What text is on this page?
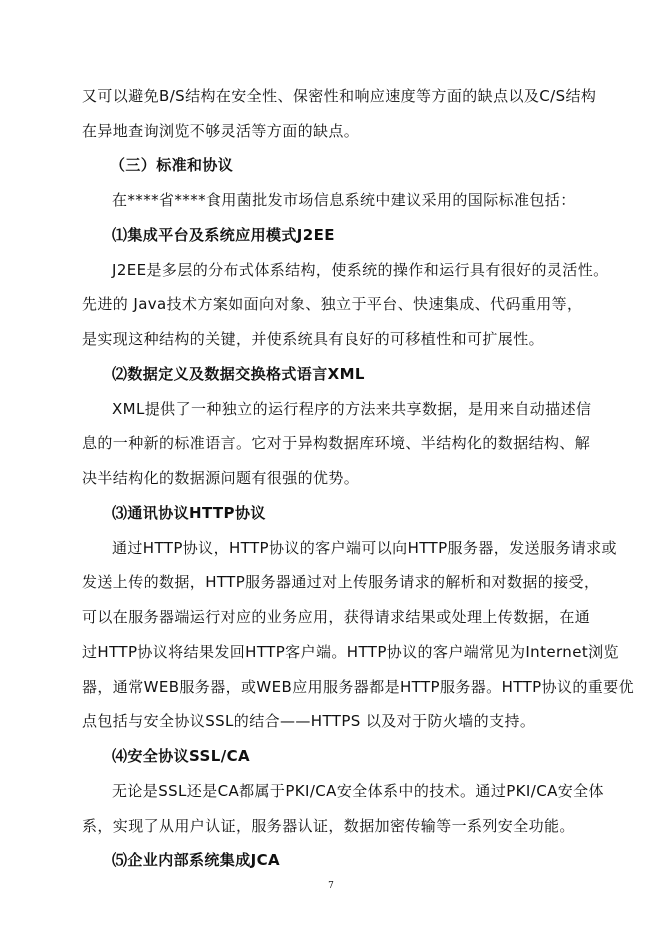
又可以避免B/S结构在安全性、保密性和响应速度等方面的缺点以及C/S结构
在异地查询浏览不够灵活等方面的缺点。
（三）标准和协议
在****省****食用菌批发市场信息系统中建议采用的国际标准包括：
⑴集成平台及系统应用模式J2EE
J2EE是多层的分布式体系结构，使系统的操作和运行具有很好的灵活性。
先进的 Java技术方案如面向对象、独立于平台、快速集成、代码重用等，
是实现这种结构的关键，并使系统具有良好的可移植性和可扩展性。
⑵数据定义及数据交换格式语言XML
XML提供了一种独立的运行程序的方法来共享数据，是用来自动描述信
息的一种新的标准语言。它对于异构数据库环境、半结构化的数据结构、解
决半结构化的数据源问题有很强的优势。
⑶通讯协议HTTP协议
通过HTTP协议，HTTP协议的客户端可以向HTTP服务器，发送服务请求或
发送上传的数据，HTTP服务器通过对上传服务请求的解析和对数据的接受，
可以在服务器端运行对应的业务应用，获得请求结果或处理上传数据，在通
过HTTP协议将结果发回HTTP客户端。HTTP协议的客户端常见为Internet浏览
器，通常WEB服务器，或WEB应用服务器都是HTTP服务器。HTTP协议的重要优
点包括与安全协议SSL的结合——HTTPS 以及对于防火墙的支持。
⑷安全协议SSL/CA
无论是SSL还是CA都属于PKI/CA安全体系中的技术。通过PKI/CA安全体
系，实现了从用户认证，服务器认证，数据加密传输等一系列安全功能。
⑸企业内部系统集成JCA
7
